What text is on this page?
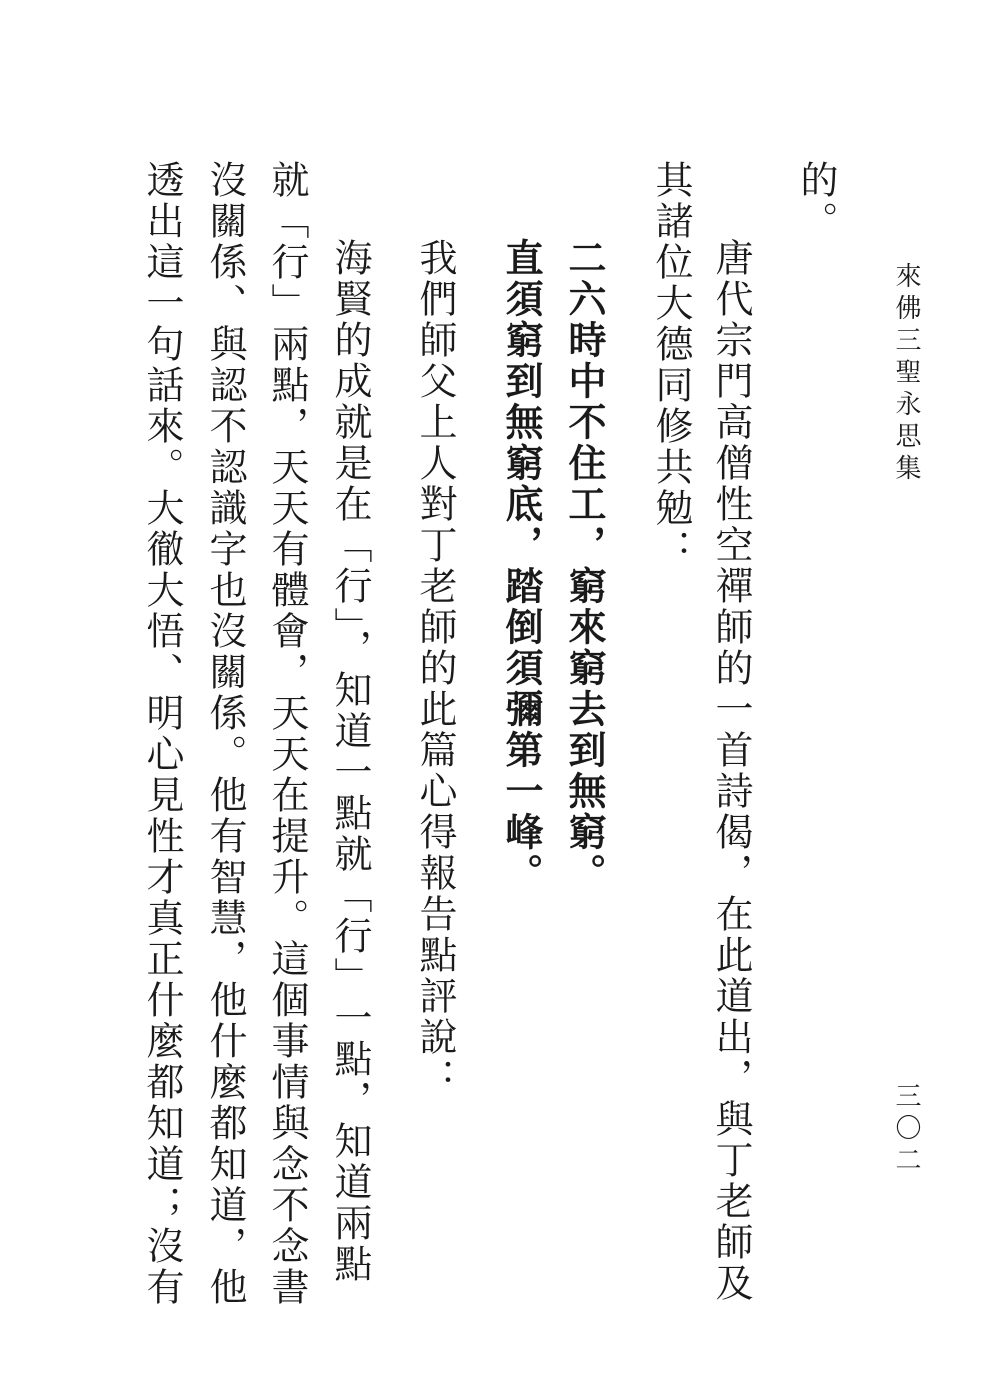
來佛三聖永思集
三〇二
的。
唐代宗門高僧性空禪師的一首詩偈，在此道出，與丁老師及
其諸位大德同修共勉：
二六時中不住工，窮來窮去到無窮。
直須窮到無窮底，踏倒須彌第一峰。
我們師父上人對丁老師的此篇心得報告點評說：
海賢的成就是在「行」，知道一點就「行」一點，知道兩點
就「行」兩點，天天有體會，天天在提升。這個事情與念不念書
沒關係、與認不認識字也沒關係。他有智慧，他什麼都知道，他
透出這一句話來。大徹大悟、明心見性才真正什麼都知道；沒有
